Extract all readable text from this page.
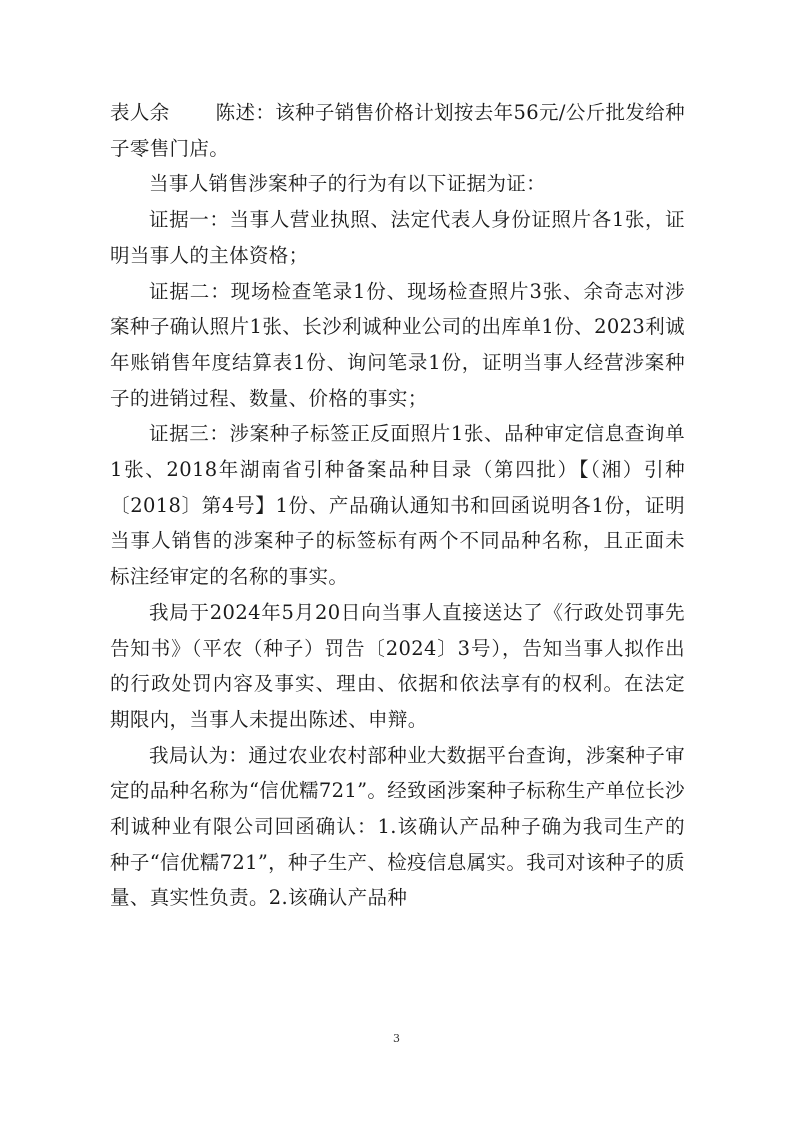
表人余 陈述：该种子销售价格计划按去年56元/公斤批发给种子零售门店。

当事人销售涉案种子的行为有以下证据为证：

证据一：当事人营业执照、法定代表人身份证照片各1张，证明当事人的主体资格；

证据二：现场检查笔录1份、现场检查照片3张、余奇志对涉案种子确认照片1张、长沙利诚种业公司的出库单1份、2023利诚年账销售年度结算表1份、询问笔录1份，证明当事人经营涉案种子的进销过程、数量、价格的事实；

证据三：涉案种子标签正反面照片1张、品种审定信息查询单1张、2018年湖南省引种备案品种目录（第四批）【（湘）引种〔2018〕第4号】1份、产品确认通知书和回函说明各1份，证明当事人销售的涉案种子的标签标有两个不同品种名称，且正面未标注经审定的名称的事实。

我局于2024年5月20日向当事人直接送达了《行政处罚事先告知书》（平农（种子）罚告〔2024〕3号），告知当事人拟作出的行政处罚内容及事实、理由、依据和依法享有的权利。在法定期限内，当事人未提出陈述、申辩。

我局认为：通过农业农村部种业大数据平台查询，涉案种子审定的品种名称为“信优糯721”。经致函涉案种子标称生产单位长沙利诚种业有限公司回函确认：1.该确认产品种子确为我司生产的种子“信优糯721”，种子生产、检疫信息属实。我司对该种子的质量、真实性负责。2.该确认产品种

3
